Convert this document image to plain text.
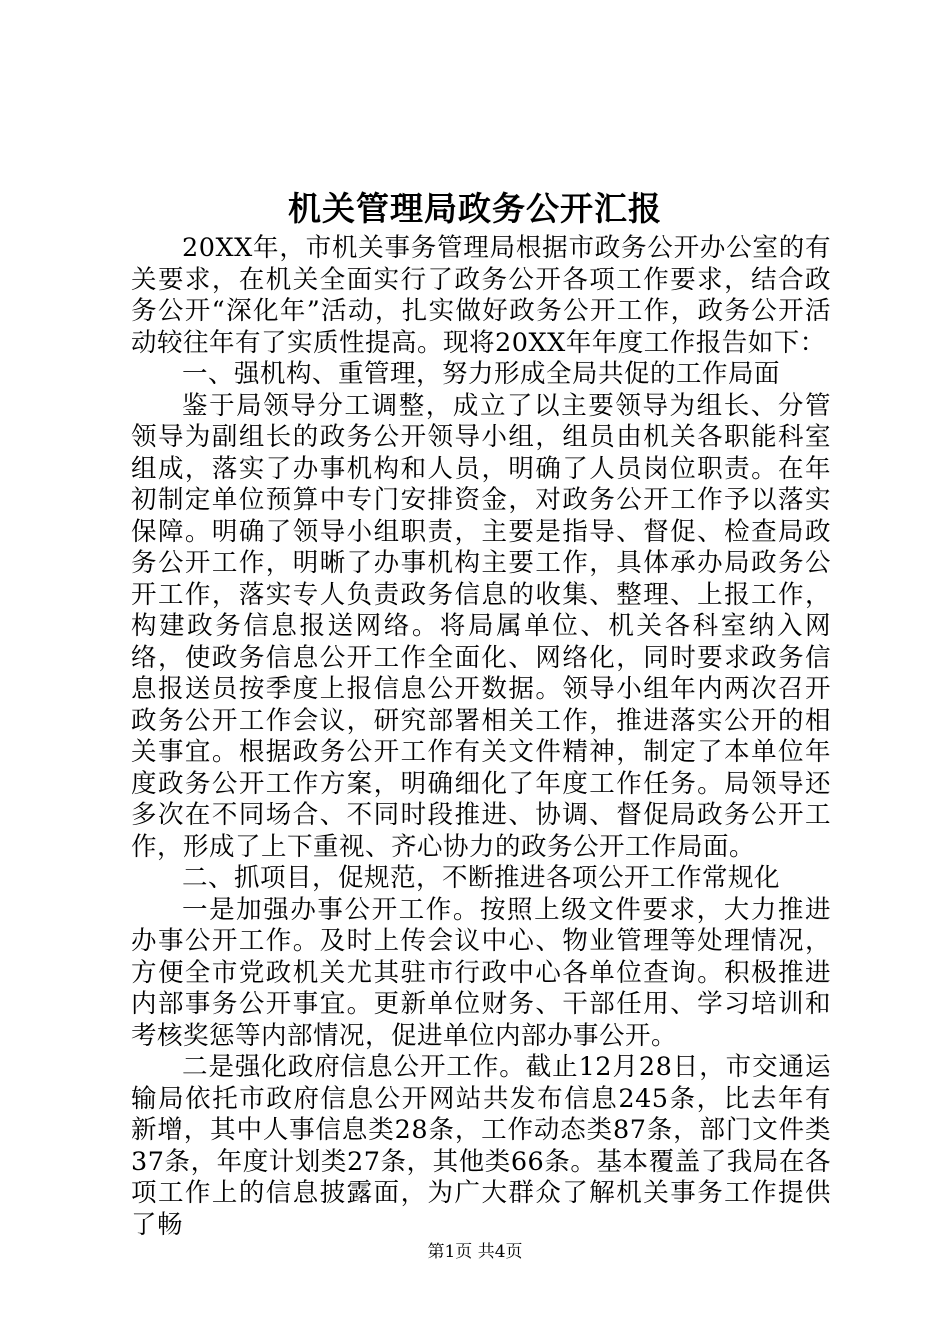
机关管理局政务公开汇报

20XX年，市机关事务管理局根据市政务公开办公室的有关要求，在机关全面实行了政务公开各项工作要求，结合政务公开“深化年”活动，扎实做好政务公开工作，政务公开活动较往年有了实质性提高。现将20XX年年度工作报告如下：

一、强机构、重管理，努力形成全局共促的工作局面

鉴于局领导分工调整，成立了以主要领导为组长、分管领导为副组长的政务公开领导小组，组员由机关各职能科室组成，落实了办事机构和人员，明确了人员岗位职责。在年初制定单位预算中专门安排资金，对政务公开工作予以落实保障。明确了领导小组职责，主要是指导、督促、检查局政务公开工作，明晰了办事机构主要工作，具体承办局政务公开工作，落实专人负责政务信息的收集、整理、上报工作，构建政务信息报送网络。将局属单位、机关各科室纳入网络，使政务信息公开工作全面化、网络化，同时要求政务信息报送员按季度上报信息公开数据。领导小组年内两次召开政务公开工作会议，研究部署相关工作，推进落实公开的相关事宜。根据政务公开工作有关文件精神，制定了本单位年度政务公开工作方案，明确细化了年度工作任务。局领导还多次在不同场合、不同时段推进、协调、督促局政务公开工作，形成了上下重视、齐心协力的政务公开工作局面。

二、抓项目，促规范，不断推进各项公开工作常规化

一是加强办事公开工作。按照上级文件要求，大力推进办事公开工作。及时上传会议中心、物业管理等处理情况，方便全市党政机关尤其驻市行政中心各单位查询。积极推进内部事务公开事宜。更新单位财务、干部任用、学习培训和考核奖惩等内部情况，促进单位内部办事公开。

二是强化政府信息公开工作。截止12月28日，市交通运输局依托市政府信息公开网站共发布信息245条，比去年有新增，其中人事信息类28条，工作动态类87条，部门文件类37条，年度计划类27条，其他类66条。基本覆盖了我局在各项工作上的信息披露面，为广大群众了解机关事务工作提供了畅

第1页 共4页
